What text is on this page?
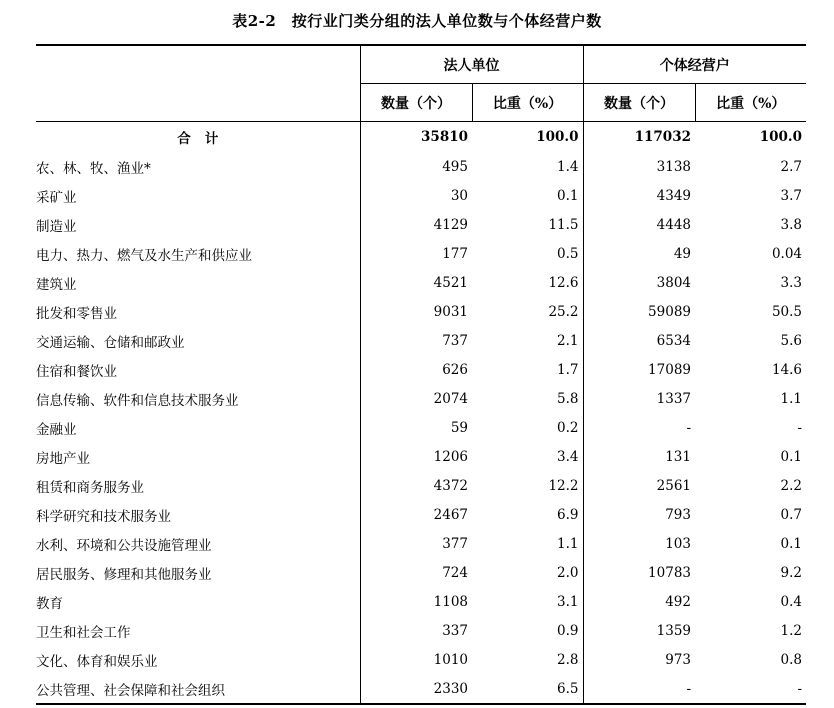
表2-2　按行业门类分组的法人单位数与个体经营户数
	法人单位		个体经营户	
	数量（个）	比重（%）	数量（个）	比重（%）
合计	35810	100.0	117032	100.0
农、林、牧、渔业*	495	1.4	3138	2.7
采矿业	30	0.1	4349	3.7
制造业	4129	11.5	4448	3.8
电力、热力、燃气及水生产和供应业	177	0.5	49	0.04
建筑业	4521	12.6	3804	3.3
批发和零售业	9031	25.2	59089	50.5
交通运输、仓储和邮政业	737	2.1	6534	5.6
住宿和餐饮业	626	1.7	17089	14.6
信息传输、软件和信息技术服务业	2074	5.8	1337	1.1
金融业	59	0.2	-	-
房地产业	1206	3.4	131	0.1
租赁和商务服务业	4372	12.2	2561	2.2
科学研究和技术服务业	2467	6.9	793	0.7
水利、环境和公共设施管理业	377	1.1	103	0.1
居民服务、修理和其他服务业	724	2.0	10783	9.2
教育	1108	3.1	492	0.4
卫生和社会工作	337	0.9	1359	1.2
文化、体育和娱乐业	1010	2.8	973	0.8
公共管理、社会保障和社会组织	2330	6.5	-	-
